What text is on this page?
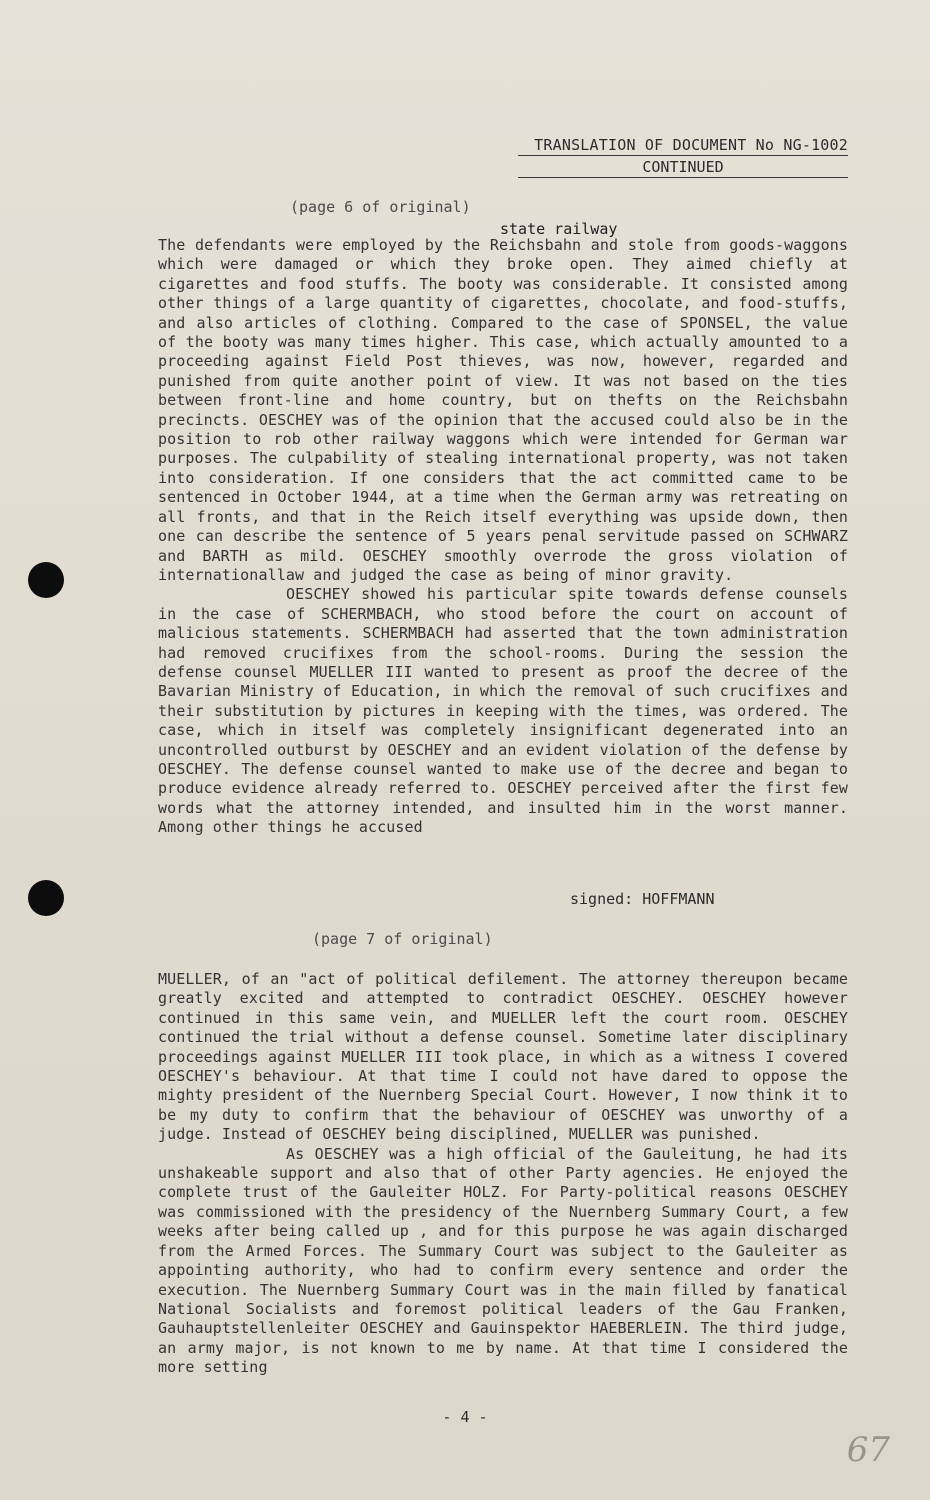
TRANSLATION OF DOCUMENT No NG-1002
CONTINUED
(page 6 of original)
state railway

The defendants were employed by the Reichsbahn and stole from goods-waggons which were damaged or which they broke open. They aimed chiefly at cigarettes and food stuffs. The booty was considerable. It consisted among other things of a large quantity of cigarettes, chocolate, and food-stuffs, and also articles of clothing. Compared to the case of SPONSEL, the value of the booty was many times higher. This case, which actually amounted to a proceeding against Field Post thieves, was now, however, regarded and punished from quite another point of view. It was not based on the ties between front-line and home country, but on thefts on the Reichsbahn precincts. OESCHEY was of the opinion that the accused could also be in the position to rob other railway waggons which were intended for German war purposes. The culpability of stealing international property, was not taken into consideration. If one considers that the act committed came to be sentenced in October 1944, at a time when the German army was retreating on all fronts, and that in the Reich itself everything was upside down, then one can describe the sentence of 5 years penal servitude passed on SCHWARZ and BARTH as mild. OESCHEY smoothly overrode the gross violation of internationallaw and judged the case as being of minor gravity.

OESCHEY showed his particular spite towards defense counsels in the case of SCHERMBACH, who stood before the court on account of malicious statements. SCHERMBACH had asserted that the town administration had removed crucifixes from the school-rooms. During the session the defense counsel MUELLER III wanted to present as proof the decree of the Bavarian Ministry of Education, in which the removal of such crucifixes and their substitution by pictures in keeping with the times, was ordered. The case, which in itself was completely insignificant degenerated into an uncontrolled outburst by OESCHEY and an evident violation of the defense by OESCHEY. The defense counsel wanted to make use of the decree and began to produce evidence already referred to. OESCHEY perceived after the first few words what the attorney intended, and insulted him in the worst manner. Among other things he accused

signed: HOFFMANN
(page 7 of original)

MUELLER, of an "act of political defilement. The attorney thereupon became greatly excited and attempted to contradict OESCHEY. OESCHEY however continued in this same vein, and MUELLER left the court room. OESCHEY continued the trial without a defense counsel. Sometime later disciplinary proceedings against MUELLER III took place, in which as a witness I covered OESCHEY's behaviour. At that time I could not have dared to oppose the mighty president of the Nuernberg Special Court. However, I now think it to be my duty to confirm that the behaviour of OESCHEY was unworthy of a judge. Instead of OESCHEY being disciplined, MUELLER was punished.

As OESCHEY was a high official of the Gauleitung, he had its unshakeable support and also that of other Party agencies. He enjoyed the complete trust of the Gauleiter HOLZ. For Party-political reasons OESCHEY was commissioned with the presidency of the Nuernberg Summary Court, a few weeks after being called up , and for this purpose he was again discharged from the Armed Forces. The Summary Court was subject to the Gauleiter as appointing authority, who had to confirm every sentence and order the execution. The Nuernberg Summary Court was in the main filled by fanatical National Socialists and foremost political leaders of the Gau Franken, Gauhauptstellenleiter OESCHEY and Gauinspektor HAEBERLEIN. The third judge, an army major, is not known to me by name. At that time I considered the more setting

- 4 -
67
